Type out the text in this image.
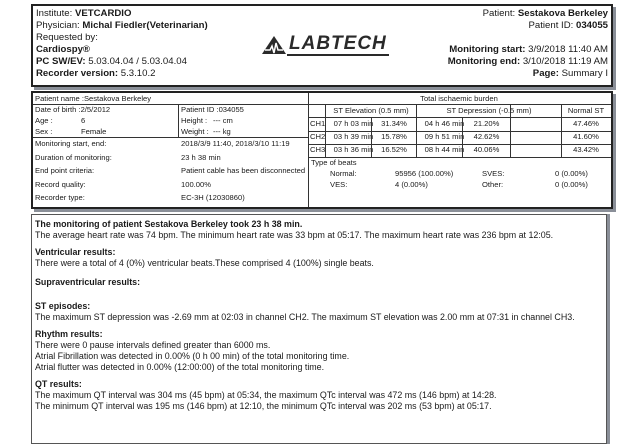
Institute: VETCARDIO
Physician: Michal Fiedler(Veterinarian)
Requested by:
Cardiospy®
PC SW/EV: 5.03.04.04 / 5.03.04.04
Recorder version: 5.3.10.2
LABTECH
Patient: Sestakova Berkeley
Patient ID: 034055
Monitoring start: 3/9/2018 11:40 AM
Monitoring end: 3/10/2018 11:19 AM
Page: Summary I
Patient name :Sestakova Berkeley
Date of birth :2/5/2012
Age :	6
Sex :	Female
Patient ID :034055
Height : --- cm
Weight : --- kg
Monitoring start, end:	2018/3/9 11:40, 2018/3/10 11:19
Duration of monitoring:	23 h 38 min
End point criteria:	Patient cable has been disconnected
Record quality:	100.00%
Recorder type:	EC-3H (12030860)
Total ischaemic burden
ST Elevation (0.5 mm)	ST Depression (-0.5 mm)	Normal ST
CH1	07 h 03 min	31.34%	04 h 46 min	21.20%	47.46%
CH2	03 h 39 min	15.78%	09 h 51 min	42.62%	41.60%
CH3	03 h 36 min	16.52%	08 h 44 min	40.06%	43.42%
Type of beats
Normal:	95956 (100.00%)	SVES:	0 (0.00%)
VES:	4 (0.00%)	Other:	0 (0.00%)
The monitoring of patient Sestakova Berkeley took 23 h 38 min.
The average heart rate was 74 bpm. The minimum heart rate was 33 bpm at 05:17. The maximum heart rate was 236 bpm at 12:05.
Ventricular results:
There were a total of 4 (0%) ventricular beats.These comprised 4 (100%) single beats.
Supraventricular results:
ST episodes:
The maximum ST depression was -2.69 mm at 02:03 in channel CH2. The maximum ST elevation was 2.00 mm at 07:31 in channel CH3.
Rhythm results:
There were 0 pause intervals defined greater than 6000 ms.
Atrial Fibrillation was detected in 0.00% (0 h 00 min) of the total monitoring time.
Atrial flutter was detected in 0.00% (12:00:00) of the total monitoring time.
QT results:
The maximum QT interval was 304 ms (45 bpm) at 05:34, the maximum QTc interval was 472 ms (146 bpm) at 14:28.
The minimum QT interval was 195 ms (146 bpm) at 12:10, the minimum QTc interval was 202 ms (53 bpm) at 05:17.
